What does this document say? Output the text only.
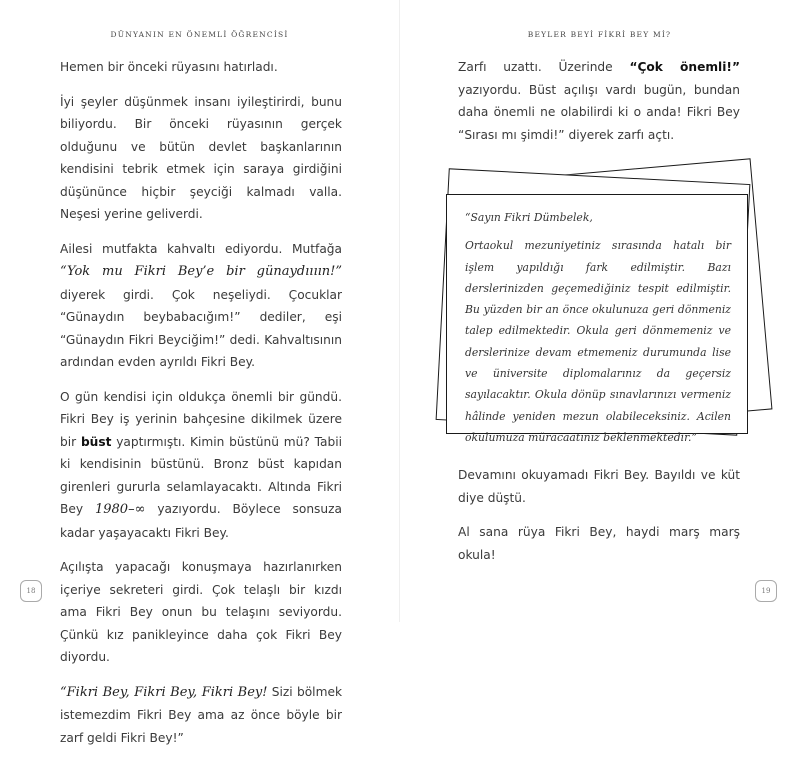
DÜNYANIN EN ÖNEMLİ ÖĞRENCİSİ

Hemen bir önceki rüyasını hatırladı.

İyi şeyler düşünmek insanı iyileştirirdi, bunu biliyordu. Bir önceki rüyasının gerçek olduğunu ve bütün devlet başkanlarının kendisini tebrik etmek için saraya girdiğini düşününce hiçbir şeyciği kalmadı valla. Neşesi yerine geliverdi.

Ailesi mutfakta kahvaltı ediyordu. Mutfağa “Yok mu Fikri Bey’e bir günaydıııın!” diyerek girdi. Çok neşeliydi. Çocuklar “Günaydın beybabacığım!” dediler, eşi “Günaydın Fikri Beyciğim!” dedi. Kahvaltısının ardından evden ayrıldı Fikri Bey.

O gün kendisi için oldukça önemli bir gündü. Fikri Bey iş yerinin bahçesine dikilmek üzere bir büst yaptırmıştı. Kimin büstünü mü? Tabii ki kendisinin büstünü. Bronz büst kapıdan girenleri gururla selamlayacaktı. Altında Fikri Bey 1980–∞ yazıyordu. Böylece sonsuza kadar yaşayacaktı Fikri Bey.

Açılışta yapacağı konuşmaya hazırlanırken içeriye sekreteri girdi. Çok telaşlı bir kızdı ama Fikri Bey onun bu telaşını seviyordu. Çünkü kız panikleyince daha çok Fikri Bey diyordu.

“Fikri Bey, Fikri Bey, Fikri Bey! Sizi bölmek istemezdim Fikri Bey ama az önce böyle bir zarf geldi Fikri Bey!”

18
BEYLER BEYİ FİKRİ BEY Mİ?

Zarfı uzattı. Üzerinde “Çok önemli!” yazıyordu. Büst açılışı vardı bugün, bundan daha önemli ne olabilirdi ki o anda! Fikri Bey “Sırası mı şimdi!” diyerek zarfı açtı.

Devamını okuyamadı Fikri Bey. Bayıldı ve küt diye düştü.

Al sana rüya Fikri Bey, haydi marş marş okula!

19

“Sayın Fikri Dümbelek,

Ortaokul mezuniyetiniz sırasında hatalı bir işlem yapıldığı fark edilmiştir. Bazı derslerinizden geçemediğiniz tespit edilmiştir. Bu yüzden bir an önce okulunuza geri dönmeniz talep edilmektedir. Okula geri dönmemeniz ve derslerinize devam etmemeniz durumunda lise ve üniversite diplomalarınız da geçersiz sayılacaktır. Okula dönüp sınavlarınızı vermeniz hâlinde yeniden mezun olabileceksiniz. Acilen okulumuza müracaatınız beklenmektedir.”
